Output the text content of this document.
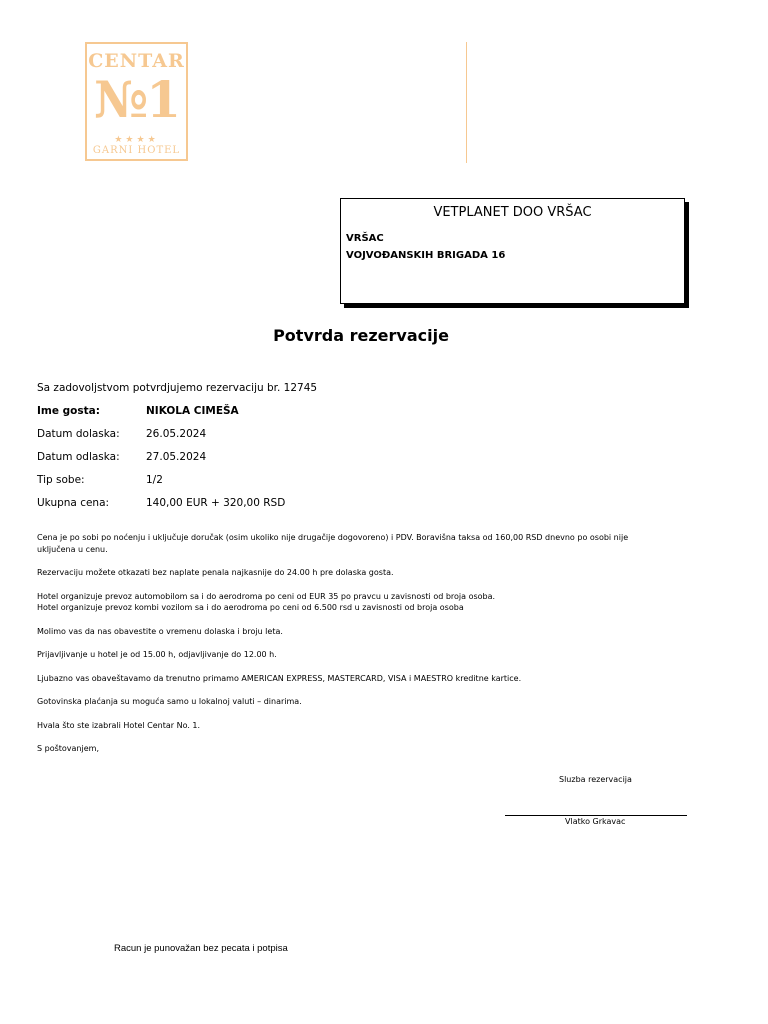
CENTAR
№1
★★★★
GARNI HOTEL
VETPLANET DOO VRŠAC
VRŠAC
VOJVOĐANSKIH BRIGADA 16
Potvrda rezervacije
Sa zadovoljstvom potvrdjujemo rezervaciju br. 12745
Ime gosta:	NIKOLA CIMEŠA
Datum dolaska:	26.05.2024
Datum odlaska:	27.05.2024
Tip sobe:	1/2
Ukupna cena:	140,00 EUR + 320,00 RSD
Cena je po sobi po noćenju i uključuje doručak (osim ukoliko nije drugačije dogovoreno) i PDV. Boravišna taksa od 160,00 RSD dnevno po osobi nije uključena u cenu.
Rezervaciju možete otkazati bez naplate penala najkasnije do 24.00 h pre dolaska gosta.
Hotel organizuje prevoz automobilom sa i do aerodroma po ceni od EUR 35 po pravcu u zavisnosti od broja osoba.
Hotel organizuje prevoz kombi vozilom sa i do aerodroma po ceni od 6.500 rsd u zavisnosti od broja osoba
Molimo vas da nas obavestite o vremenu dolaska i broju leta.
Prijavljivanje u hotel je od 15.00 h, odjavljivanje do 12.00 h.
Ljubazno vas obaveštavamo da trenutno primamo AMERICAN EXPRESS, MASTERCARD, VISA i MAESTRO kreditne kartice.
Gotovinska plaćanja su moguća samo u lokalnoj valuti – dinarima.
Hvala što ste izabrali Hotel Centar No. 1.
S poštovanjem,
Sluzba rezervacija
Vlatko Grkavac
Racun je punovažan bez pecata i potpisa
